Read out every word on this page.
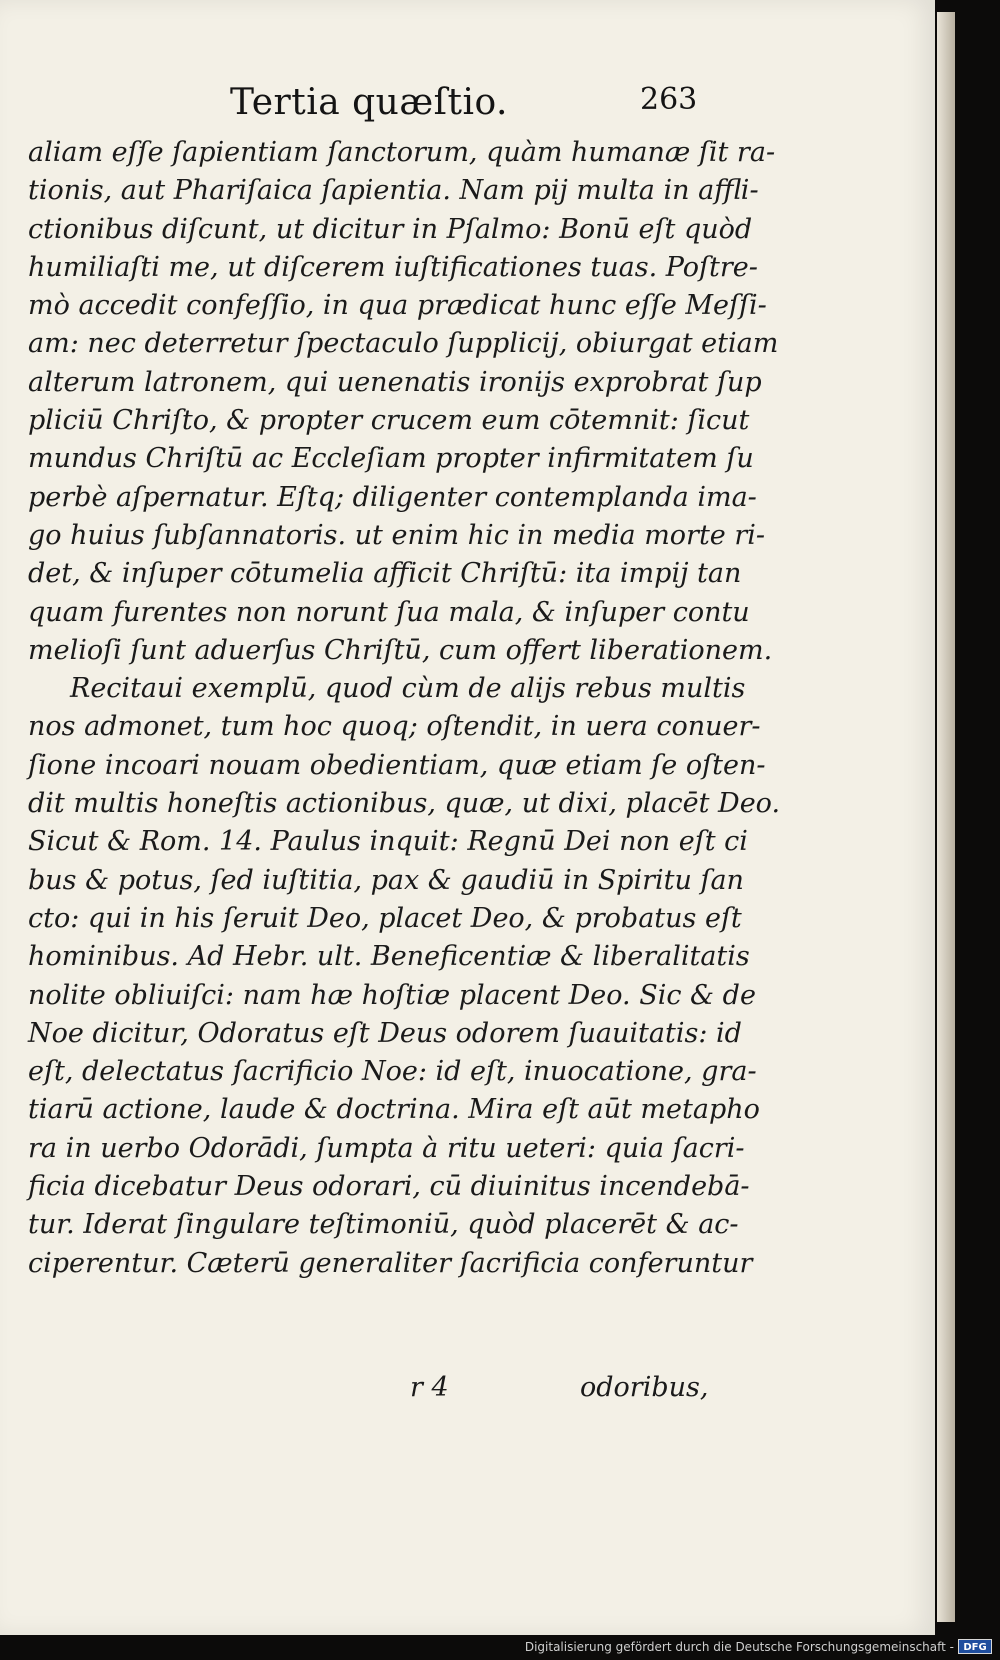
Tertia quæſtio.	263
aliam eſſe ſapientiam ſanctorum, quàm humanæ ſit ra-
tionis, aut Phariſaica ſapientia. Nam pij multa in affli-
ctionibus diſcunt, ut dicitur in Pſalmo: Bonū eſt quòd
humiliaſti me, ut diſcerem iuſtificationes tuas. Poſtre-
mò accedit confeſſio, in qua prædicat hunc eſſe Meſſi-
am: nec deterretur ſpectaculo ſupplicij, obiurgat etiam
alterum latronem, qui uenenatis ironijs exprobrat ſup
pliciū Chriſto, & propter crucem eum cōtemnit: ſicut
mundus Chriſtū ac Eccleſiam propter infirmitatem ſu
perbè aſpernatur. Eſtq; diligenter contemplanda ima-
go huius ſubſannatoris. ut enim hic in media morte ri-
det, & inſuper cōtumelia afficit Chriſtū: ita impij tan
quam furentes non norunt ſua mala, & inſuper contu
melioſi ſunt aduerſus Chriſtū, cum offert liberationem.
Recitaui exemplū, quod cùm de alijs rebus multis
nos admonet, tum hoc quoq; oſtendit, in uera conuer-
ſione incoari nouam obedientiam, quæ etiam ſe oſten-
dit multis honeſtis actionibus, quæ, ut dixi, placēt Deo.
Sicut & Rom. 14. Paulus inquit: Regnū Dei non eſt ci
bus & potus, ſed iuſtitia, pax & gaudiū in Spiritu ſan
cto: qui in his ſeruit Deo, placet Deo, & probatus eſt
hominibus. Ad Hebr. ult. Beneficentiæ & liberalitatis
nolite obliuiſci: nam hæ hoſtiæ placent Deo. Sic & de
Noe dicitur, Odoratus eſt Deus odorem ſuauitatis: id
eſt, delectatus ſacrificio Noe: id eſt, inuocatione, gra-
tiarū actione, laude & doctrina. Mira eſt aūt metapho
ra in uerbo Odorādi, ſumpta à ritu ueteri: quia ſacri-
ficia dicebatur Deus odorari, cū diuinitus incendebā-
tur. Iderat ſingulare teſtimoniū, quòd placerēt & ac-
ciperentur. Cæterū generaliter ſacrificia conferuntur
r 4	odoribus,
Digitalisierung gefördert durch die Deutsche Forschungsgemeinschaft - DFG
